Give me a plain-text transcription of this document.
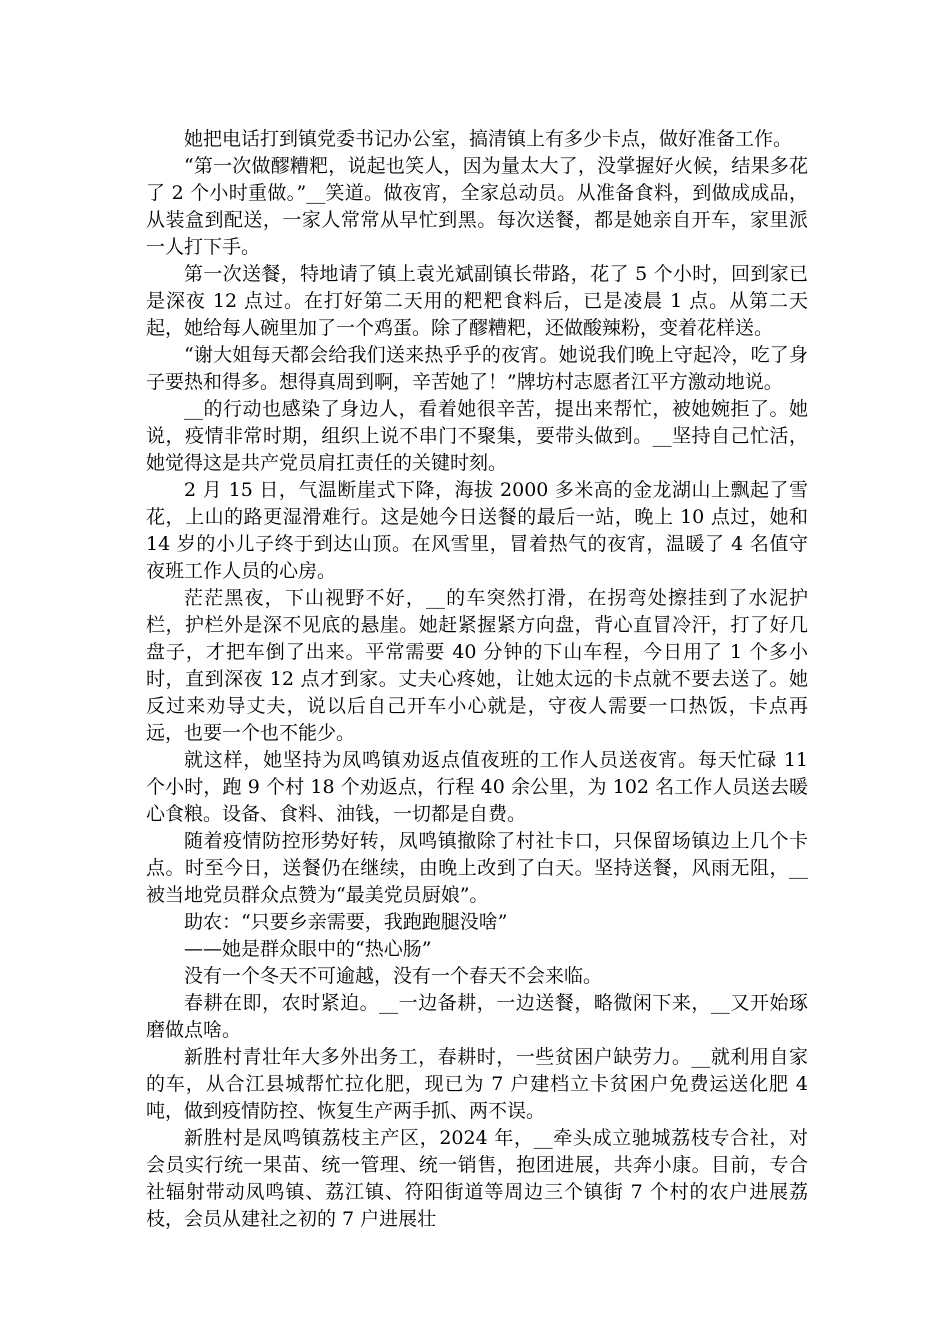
她把电话打到镇党委书记办公室，搞清镇上有多少卡点，做好准备工作。

“第一次做醪糟粑，说起也笑人，因为量太大了，没掌握好火候，结果多花了 2 个小时重做。”__笑道。做夜宵，全家总动员。从准备食料，到做成成品，从装盒到配送，一家人常常从早忙到黑。每次送餐，都是她亲自开车，家里派一人打下手。

第一次送餐，特地请了镇上袁光斌副镇长带路，花了 5 个小时，回到家已是深夜 12 点过。在打好第二天用的粑粑食料后，已是凌晨 1 点。从第二天起，她给每人碗里加了一个鸡蛋。除了醪糟粑，还做酸辣粉，变着花样送。

“谢大姐每天都会给我们送来热乎乎的夜宵。她说我们晚上守起冷，吃了身子要热和得多。想得真周到啊，辛苦她了！”牌坊村志愿者江平方激动地说。

__的行动也感染了身边人，看着她很辛苦，提出来帮忙，被她婉拒了。她说，疫情非常时期，组织上说不串门不聚集，要带头做到。__坚持自己忙活，她觉得这是共产党员肩扛责任的关键时刻。

2 月 15 日，气温断崖式下降，海拔 2000 多米高的金龙湖山上飘起了雪花，上山的路更湿滑难行。这是她今日送餐的最后一站，晚上 10 点过，她和 14 岁的小儿子终于到达山顶。在风雪里，冒着热气的夜宵，温暖了 4 名值守夜班工作人员的心房。

茫茫黑夜，下山视野不好，__的车突然打滑，在拐弯处擦挂到了水泥护栏，护栏外是深不见底的悬崖。她赶紧握紧方向盘，背心直冒冷汗，打了好几盘子，才把车倒了出来。平常需要 40 分钟的下山车程，今日用了 1 个多小时，直到深夜 12 点才到家。丈夫心疼她，让她太远的卡点就不要去送了。她反过来劝导丈夫，说以后自己开车小心就是，守夜人需要一口热饭，卡点再远，也要一个也不能少。

就这样，她坚持为凤鸣镇劝返点值夜班的工作人员送夜宵。每天忙碌 11 个小时，跑 9 个村 18 个劝返点，行程 40 余公里，为 102 名工作人员送去暖心食粮。设备、食料、油钱，一切都是自费。

随着疫情防控形势好转，凤鸣镇撤除了村社卡口，只保留场镇边上几个卡点。时至今日，送餐仍在继续，由晚上改到了白天。坚持送餐，风雨无阻，__被当地党员群众点赞为“最美党员厨娘”。

助农：“只要乡亲需要，我跑跑腿没啥”

——她是群众眼中的“热心肠”

没有一个冬天不可逾越，没有一个春天不会来临。

春耕在即，农时紧迫。__一边备耕，一边送餐，略微闲下来，__又开始琢磨做点啥。

新胜村青壮年大多外出务工，春耕时，一些贫困户缺劳力。__就利用自家的车，从合江县城帮忙拉化肥，现已为 7 户建档立卡贫困户免费运送化肥 4 吨，做到疫情防控、恢复生产两手抓、两不误。

新胜村是凤鸣镇荔枝主产区，2024 年，__牵头成立驰城荔枝专合社，对会员实行统一果苗、统一管理、统一销售，抱团进展，共奔小康。目前，专合社辐射带动凤鸣镇、荔江镇、符阳街道等周边三个镇街 7 个村的农户进展荔枝，会员从建社之初的 7 户进展壮
